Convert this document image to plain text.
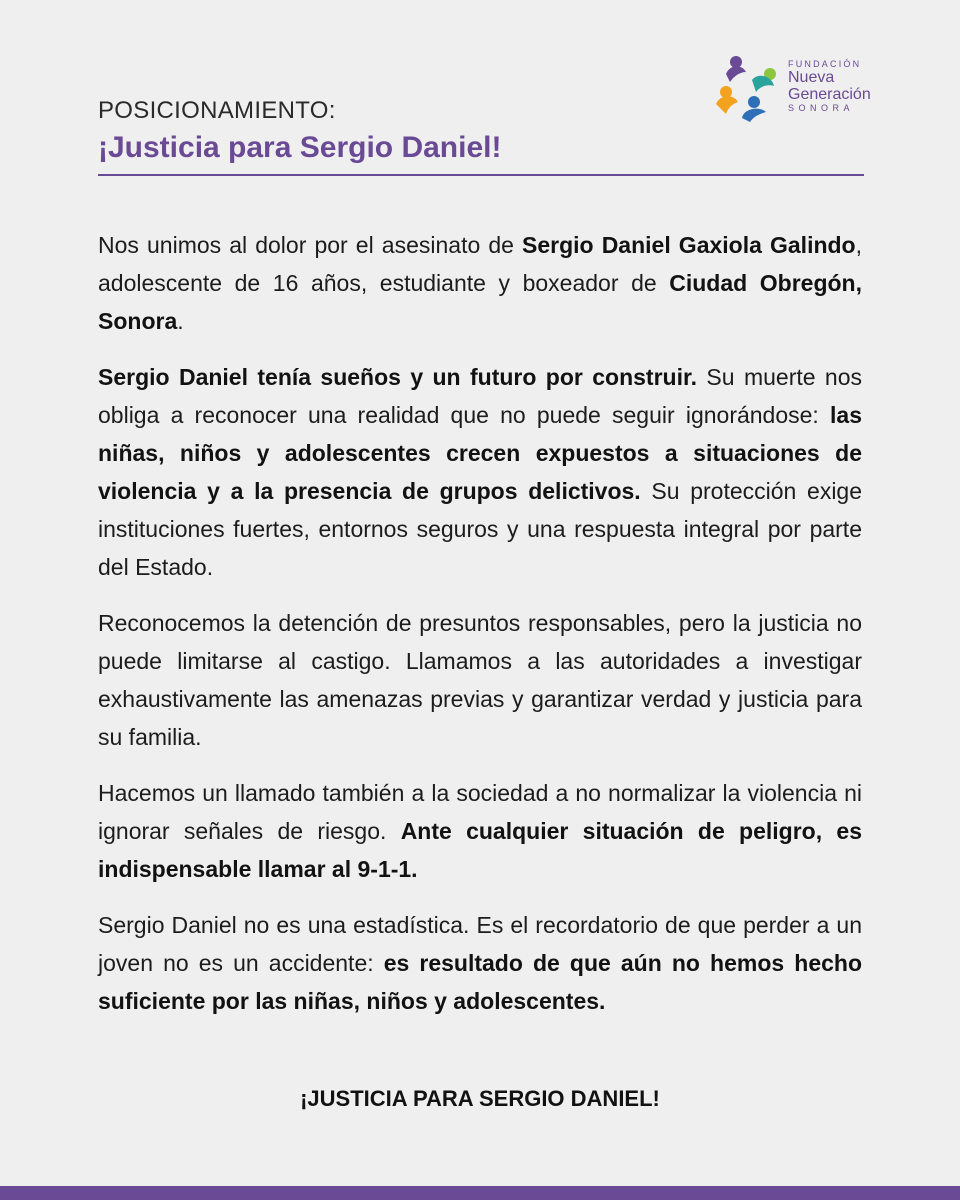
POSICIONAMIENTO:

¡Justicia para Sergio Daniel!
FUNDACIÓN
Nueva
Generación
SONORA

Nos unimos al dolor por el asesinato de Sergio Daniel Gaxiola Galindo, adolescente de 16 años, estudiante y boxeador de Ciudad Obregón, Sonora.

Sergio Daniel tenía sueños y un futuro por construir. Su muerte nos obliga a reconocer una realidad que no puede seguir ignorándose: las niñas, niños y adolescentes crecen expuestos a situaciones de violencia y a la presencia de grupos delictivos. Su protección exige instituciones fuertes, entornos seguros y una respuesta integral por parte del Estado.

Reconocemos la detención de presuntos responsables, pero la justicia no puede limitarse al castigo. Llamamos a las autoridades a investigar exhaustivamente las amenazas previas y garantizar verdad y justicia para su familia.

Hacemos un llamado también a la sociedad a no normalizar la violencia ni ignorar señales de riesgo. Ante cualquier situación de peligro, es indispensable llamar al 9-1-1.

Sergio Daniel no es una estadística. Es el recordatorio de que perder a un joven no es un accidente: es resultado de que aún no hemos hecho suficiente por las niñas, niños y adolescentes.

¡JUSTICIA PARA SERGIO DANIEL!
